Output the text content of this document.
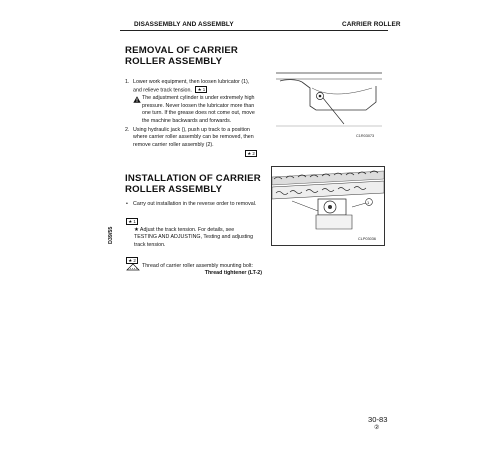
DISASSEMBLY AND ASSEMBLY	CARRIER ROLLER
D39/55
REMOVAL OF CARRIER
ROLLER ASSEMBLY
1. Lower work equipment, then loosen lubricator (1), and relieve track tension. ★ 1
The adjustment cylinder is under extremely high pressure. Never loosen the lubricator more than one turn. If the grease does not come out, move the machine backwards and forwards.
2. Using hydraulic jack (), push up track to a position where carrier roller assembly can be removed, then remove carrier roller assembly (2).
★ 2
C1R03073
INSTALLATION OF CARRIER
ROLLER ASSEMBLY
• Carry out installation in the reverse order to removal.
★ 1
★ Adjust the track tension. For details, see TESTING AND ADJUSTING, Testing and adjusting track tension.
★ 2
Thread of carrier roller assembly mounting bolt:
Thread tightener (LT-2)
1
CLP03036
30-83
②
